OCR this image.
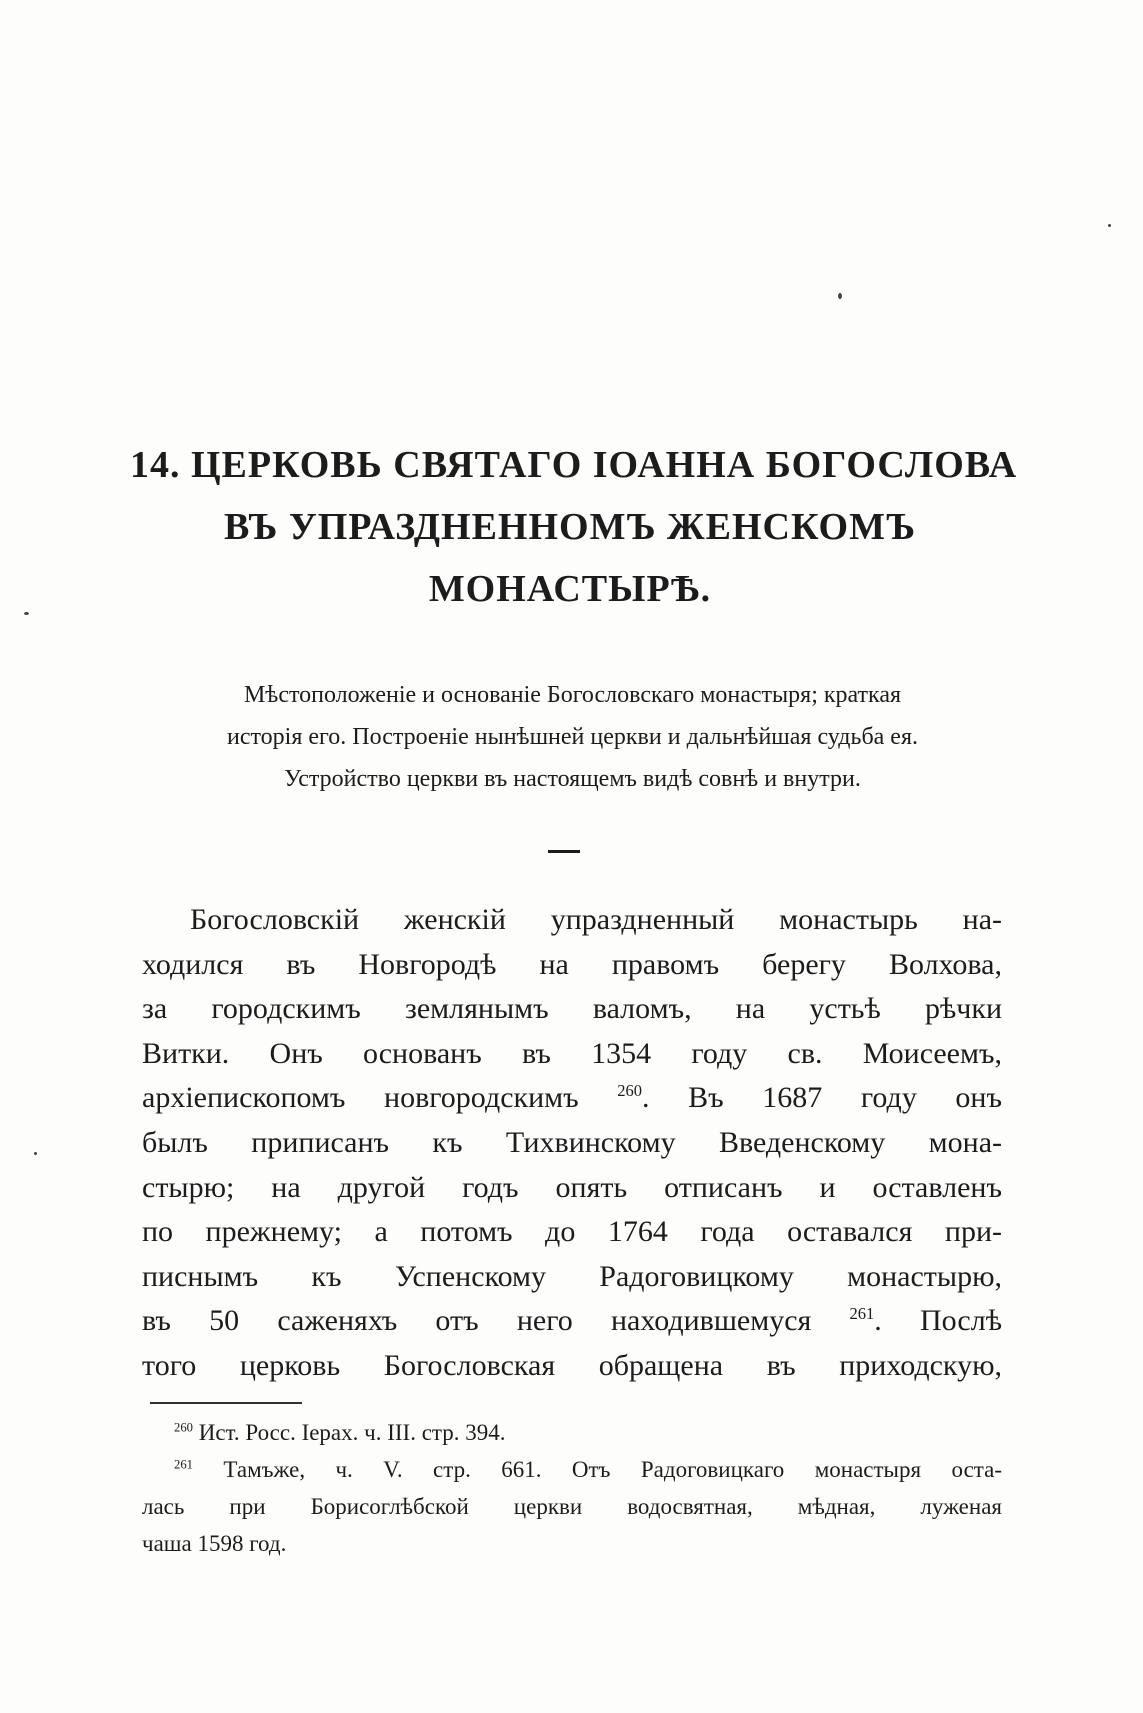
14. ЦЕРКОВЬ СВЯТАГО IОАННА БОГОСЛОВА
ВЪ УПРАЗДНЕННОМЪ ЖЕНСКОМЪ
МОНАСТЫРѢ.
Мѣстоположенiе и основанiе Богословскаго монастыря; краткая
исторiя его. Построенiе нынѣшней церкви и дальнѣйшая судьба ея.
Устройство церкви въ настоящемъ видѣ совнѣ и внутри.
Богословскiй женскiй упраздненный монастырь на-
ходился въ Новгородѣ на правомъ берегу Волхова,
за городскимъ землянымъ валомъ, на устьѣ рѣчки
Витки. Онъ основанъ въ 1354 году св. Моисеемъ,
архiепископомъ новгородскимъ $^{260}$. Въ 1687 году онъ
былъ приписанъ къ Тихвинскому Введенскому мона-
стырю; на другой годъ опять отписанъ и оставленъ
по прежнему; а потомъ до 1764 года оставался при-
писнымъ къ Успенскому Радоговицкому монастырю,
въ 50 саженяхъ отъ него находившемуся $^{261}$. Послѣ
того церковь Богословская обращена въ приходскую,
$^{260}$ Ист. Росс. Iерах. ч. III. стр. 394.
$^{261}$ Тамъже, ч. V. стр. 661. Отъ Радоговицкаго монастыря оста-
лась при Борисоглѣбской церкви водосвятная, мѣдная, луженая
чаша 1598 год.
